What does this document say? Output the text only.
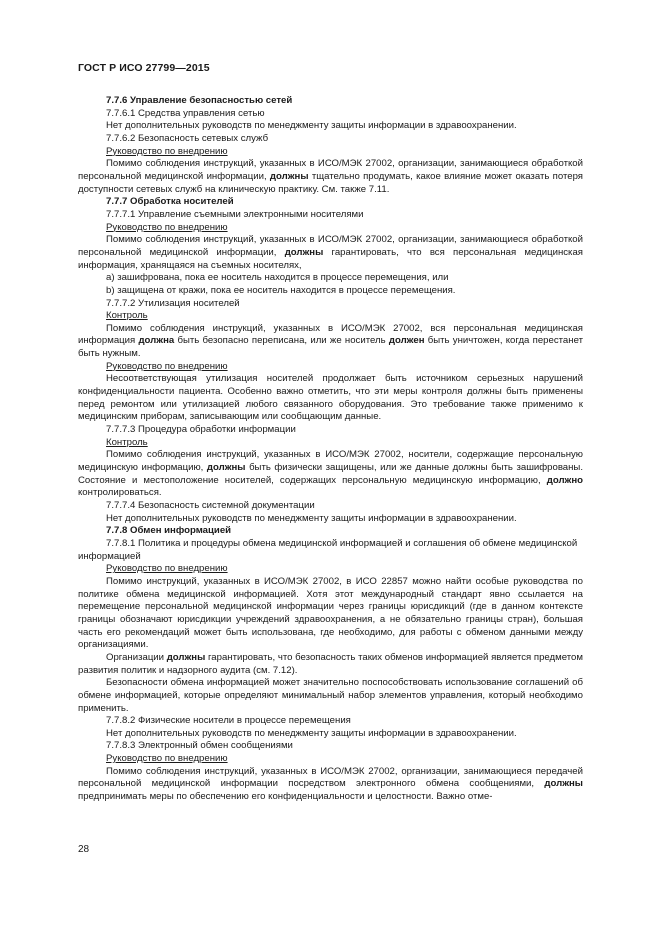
ГОСТ Р ИСО 27799—2015

7.7.6 Управление безопасностью сетей

7.7.6.1 Средства управления сетью

Нет дополнительных руководств по менеджменту защиты информации в здравоохранении.

7.7.6.2 Безопасность сетевых служб

Руководство по внедрению

Помимо соблюдения инструкций, указанных в ИСО/МЭК 27002, организации, занимающиеся обработкой персональной медицинской информации, должны тщательно продумать, какое влияние может оказать потеря доступности сетевых служб на клиническую практику. См. также 7.11.

7.7.7 Обработка носителей

7.7.7.1 Управление съемными электронными носителями

Руководство по внедрению

Помимо соблюдения инструкций, указанных в ИСО/МЭК 27002, организации, занимающиеся обработкой персональной медицинской информации, должны гарантировать, что вся персональная медицинская информация, хранящаяся на съемных носителях,

a) зашифрована, пока ее носитель находится в процессе перемещения, или

b) защищена от кражи, пока ее носитель находится в процессе перемещения.

7.7.7.2 Утилизация носителей

Контроль

Помимо соблюдения инструкций, указанных в ИСО/МЭК 27002, вся персональная медицинская информация должна быть безопасно переписана, или же носитель должен быть уничтожен, когда перестанет быть нужным.

Руководство по внедрению

Несоответствующая утилизация носителей продолжает быть источником серьезных нарушений конфиденциальности пациента. Особенно важно отметить, что эти меры контроля должны быть применены перед ремонтом или утилизацией любого связанного оборудования. Это требование также применимо к медицинским приборам, записывающим или сообщающим данные.

7.7.7.3 Процедура обработки информации

Контроль

Помимо соблюдения инструкций, указанных в ИСО/МЭК 27002, носители, содержащие персональную медицинскую информацию, должны быть физически защищены, или же данные должны быть зашифрованы. Состояние и местоположение носителей, содержащих персональную медицинскую информацию, должно контролироваться.

7.7.7.4 Безопасность системной документации

Нет дополнительных руководств по менеджменту защиты информации в здравоохранении.

7.7.8 Обмен информацией

7.7.8.1 Политика и процедуры обмена медицинской информацией и соглашения об обмене медицинской информацией

Руководство по внедрению

Помимо инструкций, указанных в ИСО/МЭК 27002, в ИСО 22857 можно найти особые руководства по политике обмена медицинской информацией. Хотя этот международный стандарт явно ссылается на перемещение персональной медицинской информации через границы юрисдикций (где в данном контексте границы обозначают юрисдикции учреждений здравоохранения, а не обязательно границы стран), большая часть его рекомендаций может быть использована, где необходимо, для работы с обменом данными между организациями.

Организации должны гарантировать, что безопасность таких обменов информацией является предметом развития политик и надзорного аудита (см. 7.12).

Безопасности обмена информацией может значительно поспособствовать использование соглашений об обмене информацией, которые определяют минимальный набор элементов управления, который необходимо применить.

7.7.8.2 Физические носители в процессе перемещения

Нет дополнительных руководств по менеджменту защиты информации в здравоохранении.

7.7.8.3 Электронный обмен сообщениями

Руководство по внедрению

Помимо соблюдения инструкций, указанных в ИСО/МЭК 27002, организации, занимающиеся передачей персональной медицинской информации посредством электронного обмена сообщениями, должны предпринимать меры по обеспечению его конфиденциальности и целостности. Важно отме-

28
